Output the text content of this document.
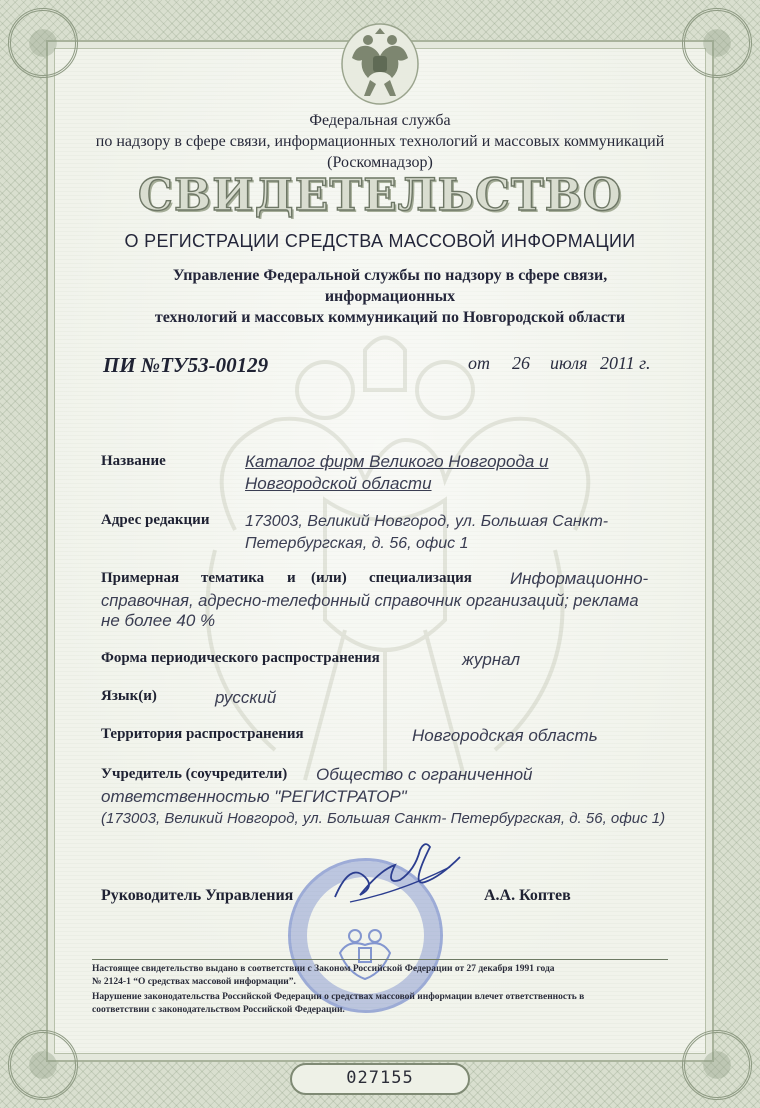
Федеральная служба
по надзору в сфере связи, информационных технологий и массовых коммуникаций
(Роскомнадзор)
СВИДЕТЕЛЬСТВО
О РЕГИСТРАЦИИ СРЕДСТВА МАССОВОЙ ИНФОРМАЦИИ
Управление Федеральной службы по надзору в сфере связи, информационных
технологий и массовых коммуникаций по Новгородской области
ПИ №ТУ53-00129	от 26 июля 2011 г.
Название	Каталог фирм Великого Новгорода и
Новгородской области
Адрес редакции 173003, Великий Новгород, ул. Большая Санкт-
Петербургская, д. 56, офис 1
Примерная тематика и (или) специализация Информационно-
справочная, адресно-телефонный справочник организаций; реклама
не более 40 %
Форма периодического распространения	журнал
Язык(и)	русский
Территория распространения	Новгородская область
Учредитель (соучредители) Общество с ограниченной
ответственностью "РЕГИСТРАТОР"
(173003, Великий Новгород, ул. Большая Санкт- Петербургская, д. 56, офис 1)
Руководитель Управления	А.А. Коптев
Настоящее свидетельство выдано в соответствии с Законом Российской Федерации от 27 декабря 1991 года
№ 2124-1 “О средствах массовой информации”.
Нарушение законодательства Российской Федерации о средствах массовой информации влечет ответственность в
соответствии с законодательством Российской Федерации.
027155
